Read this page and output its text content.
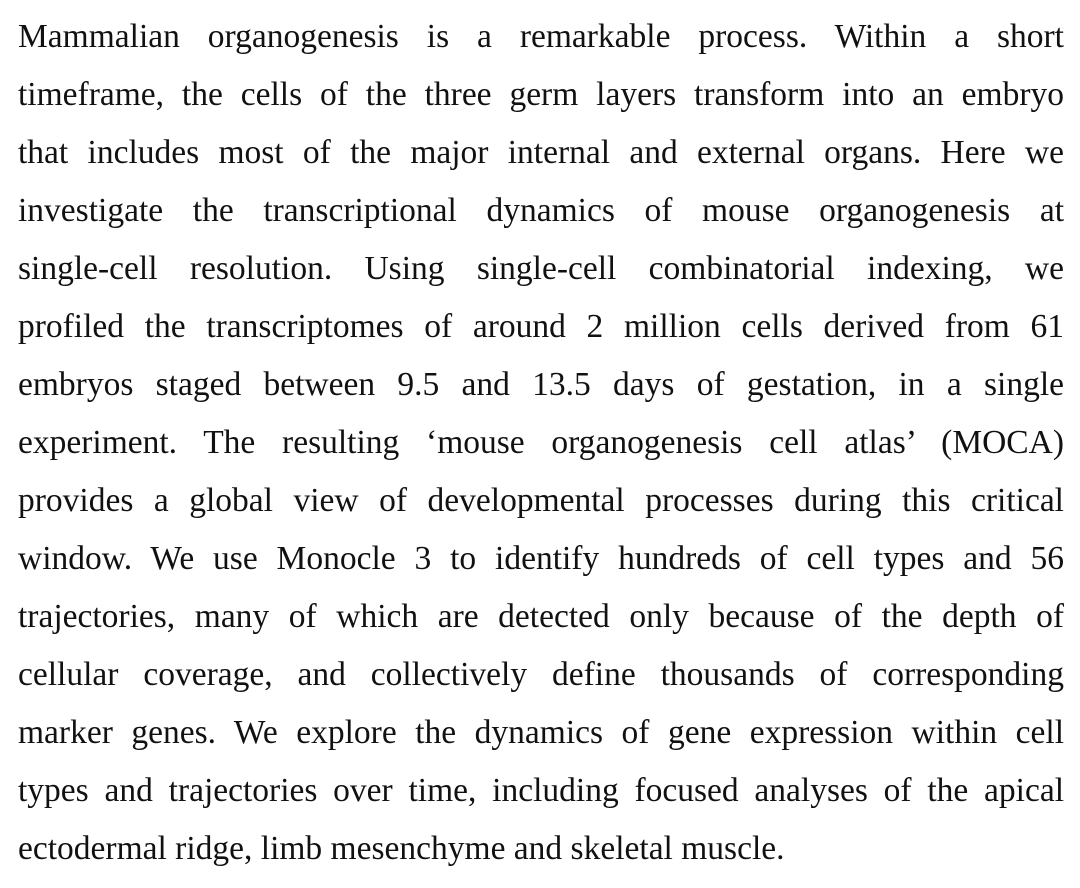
Mammalian organogenesis is a remarkable process. Within a short
timeframe, the cells of the three germ layers transform into an embryo
that includes most of the major internal and external organs. Here we
investigate the transcriptional dynamics of mouse organogenesis at
single-cell resolution. Using single-cell combinatorial indexing, we
profiled the transcriptomes of around 2 million cells derived from 61
embryos staged between 9.5 and 13.5 days of gestation, in a single
experiment. The resulting ‘mouse organogenesis cell atlas’ (MOCA)
provides a global view of developmental processes during this critical
window. We use Monocle 3 to identify hundreds of cell types and 56
trajectories, many of which are detected only because of the depth of
cellular coverage, and collectively define thousands of corresponding
marker genes. We explore the dynamics of gene expression within cell
types and trajectories over time, including focused analyses of the apical
ectodermal ridge, limb mesenchyme and skeletal muscle.
